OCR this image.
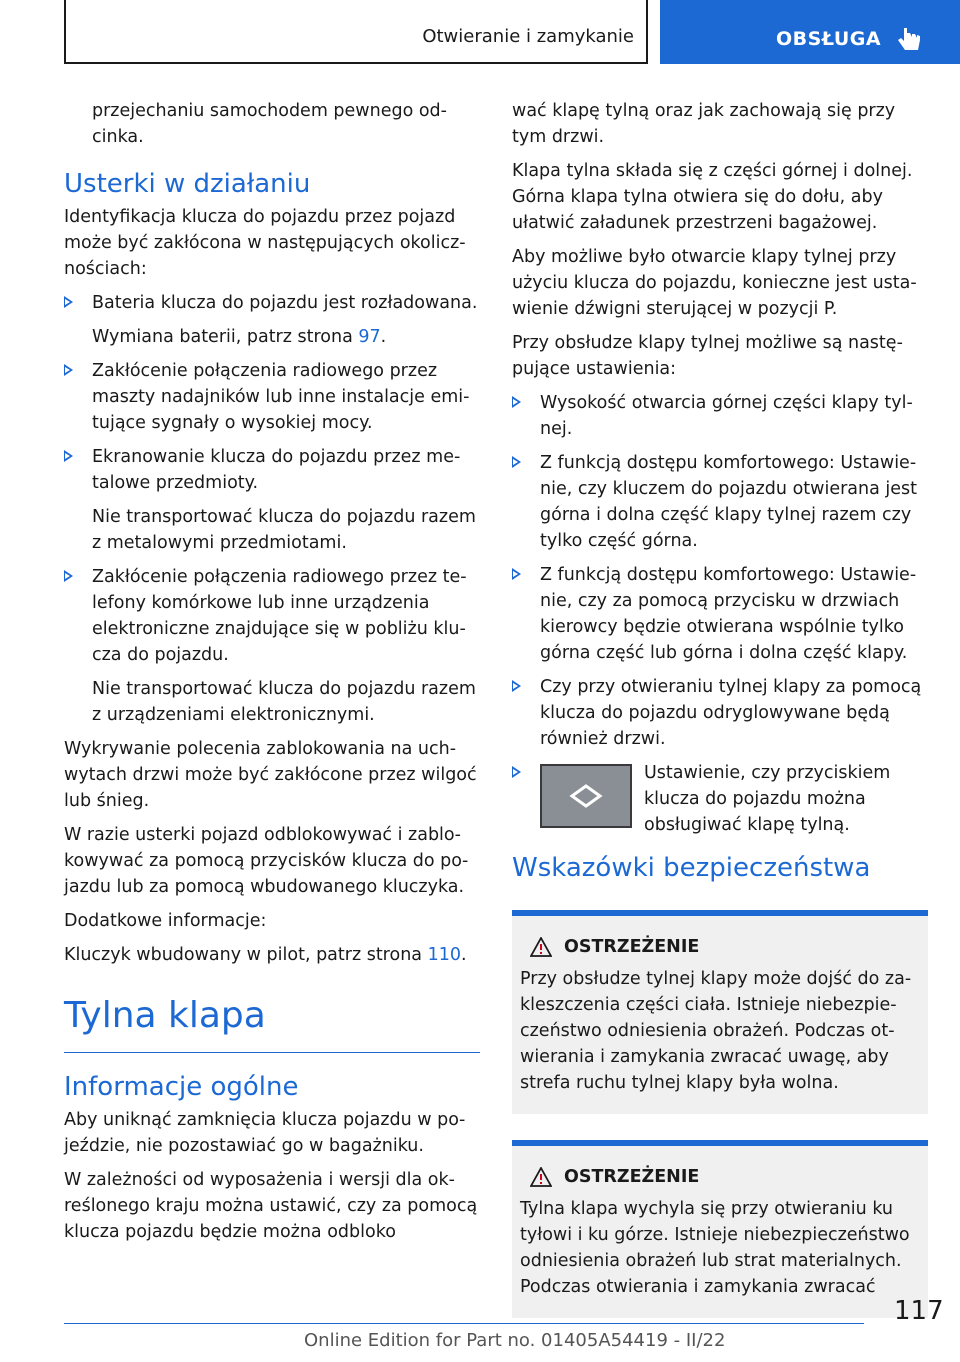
Otwieranie i zamykanie	OBSŁUGA

przejechaniu samochodem pewnego odcinka.

Usterki w działaniu

Identyfikacja klucza do pojazdu przez pojazd może być zakłócona w następujących okolicznościach:

Bateria klucza do pojazdu jest rozładowana.
Wymiana baterii, patrz strona 97.
Zakłócenie połączenia radiowego przez maszty nadajników lub inne instalacje emitujące sygnały o wysokiej mocy.
Ekranowanie klucza do pojazdu przez metalowe przedmioty.
Nie transportować klucza do pojazdu razem z metalowymi przedmiotami.
Zakłócenie połączenia radiowego przez telefony komórkowe lub inne urządzenia elektroniczne znajdujące się w pobliżu klucza do pojazdu.
Nie transportować klucza do pojazdu razem z urządzeniami elektronicznymi.

Wykrywanie polecenia zablokowania na uchwytach drzwi może być zakłócone przez wilgoć lub śnieg.

W razie usterki pojazd odblokowywać i zablokowywać za pomocą przycisków klucza do pojazdu lub za pomocą wbudowanego kluczyka.

Dodatkowe informacje:

Kluczyk wbudowany w pilot, patrz strona 110.

Tylna klapa
Informacje ogólne

Aby uniknąć zamknięcia klucza pojazdu w pojeździe, nie pozostawiać go w bagażniku.

W zależności od wyposażenia i wersji dla określonego kraju można ustawić, czy za pomocą klucza pojazdu będzie można odbloko

wać klapę tylną oraz jak zachowają się przy tym drzwi.

Klapa tylna składa się z części górnej i dolnej. Górna klapa tylna otwiera się do dołu, aby ułatwić załadunek przestrzeni bagażowej.

Aby możliwe było otwarcie klapy tylnej przy użyciu klucza do pojazdu, konieczne jest ustawienie dźwigni sterującej w pozycji P.

Przy obsłudze klapy tylnej możliwe są następujące ustawienia:

Wysokość otwarcia górnej części klapy tylnej.
Z funkcją dostępu komfortowego: Ustawienie, czy kluczem do pojazdu otwierana jest górna i dolna część klapy tylnej razem czy tylko część górna.
Z funkcją dostępu komfortowego: Ustawienie, czy za pomocą przycisku w drzwiach kierowcy będzie otwierana wspólnie tylko górna część lub górna i dolna część klapy.
Czy przy otwieraniu tylnej klapy za pomocą klucza do pojazdu odryglowywane będą również drzwi.
Ustawienie, czy przyciskiem klucza do pojazdu można obsługiwać klapę tylną.
Wskazówki bezpieczeństwa
OSTRZEŻENIE
Przy obsłudze tylnej klapy może dojść do zakleszczenia części ciała. Istnieje niebezpieczeństwo odniesienia obrażeń. Podczas otwierania i zamykania zwracać uwagę, aby strefa ruchu tylnej klapy była wolna.
OSTRZEŻENIE
Tylna klapa wychyla się przy otwieraniu ku tyłowi i ku górze. Istnieje niebezpieczeństwo odniesienia obrażeń lub strat materialnych. Podczas otwierania i zamykania zwracać
117
Online Edition for Part no. 01405A54419 - II/22
